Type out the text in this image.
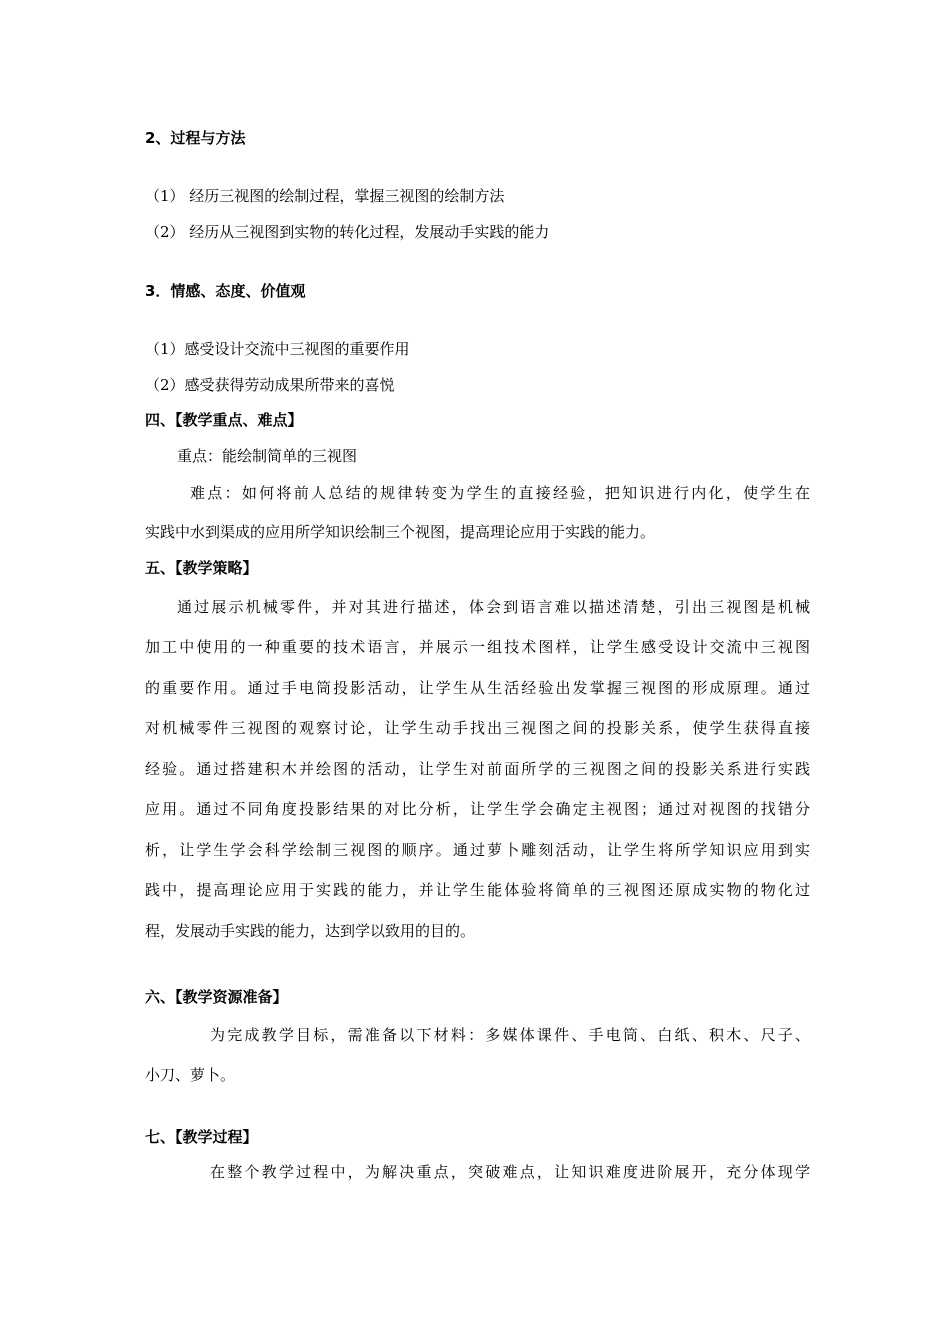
2、过程与方法
（1） 经历三视图的绘制过程，掌握三视图的绘制方法
（2） 经历从三视图到实物的转化过程，发展动手实践的能力
3．情感、态度、价值观
（1）感受设计交流中三视图的重要作用
（2）感受获得劳动成果所带来的喜悦
四、【教学重点、难点】
重点：能绘制简单的三视图
难点：如何将前人总结的规律转变为学生的直接经验，把知识进行内化，使学生在
实践中水到渠成的应用所学知识绘制三个视图，提高理论应用于实践的能力。
五、【教学策略】
通过展示机械零件，并对其进行描述，体会到语言难以描述清楚，引出三视图是机械
加工中使用的一种重要的技术语言，并展示一组技术图样，让学生感受设计交流中三视图
的重要作用。通过手电筒投影活动，让学生从生活经验出发掌握三视图的形成原理。通过
对机械零件三视图的观察讨论，让学生动手找出三视图之间的投影关系，使学生获得直接
经验。通过搭建积木并绘图的活动，让学生对前面所学的三视图之间的投影关系进行实践
应用。通过不同角度投影结果的对比分析，让学生学会确定主视图；通过对视图的找错分
析，让学生学会科学绘制三视图的顺序。通过萝卜雕刻活动，让学生将所学知识应用到实
践中，提高理论应用于实践的能力，并让学生能体验将简单的三视图还原成实物的物化过
程，发展动手实践的能力，达到学以致用的目的。
六、【教学资源准备】
为完成教学目标，需准备以下材料：多媒体课件、手电筒、白纸、积木、尺子、
小刀、萝卜。
七、【教学过程】
在整个教学过程中，为解决重点，突破难点，让知识难度进阶展开，充分体现学
